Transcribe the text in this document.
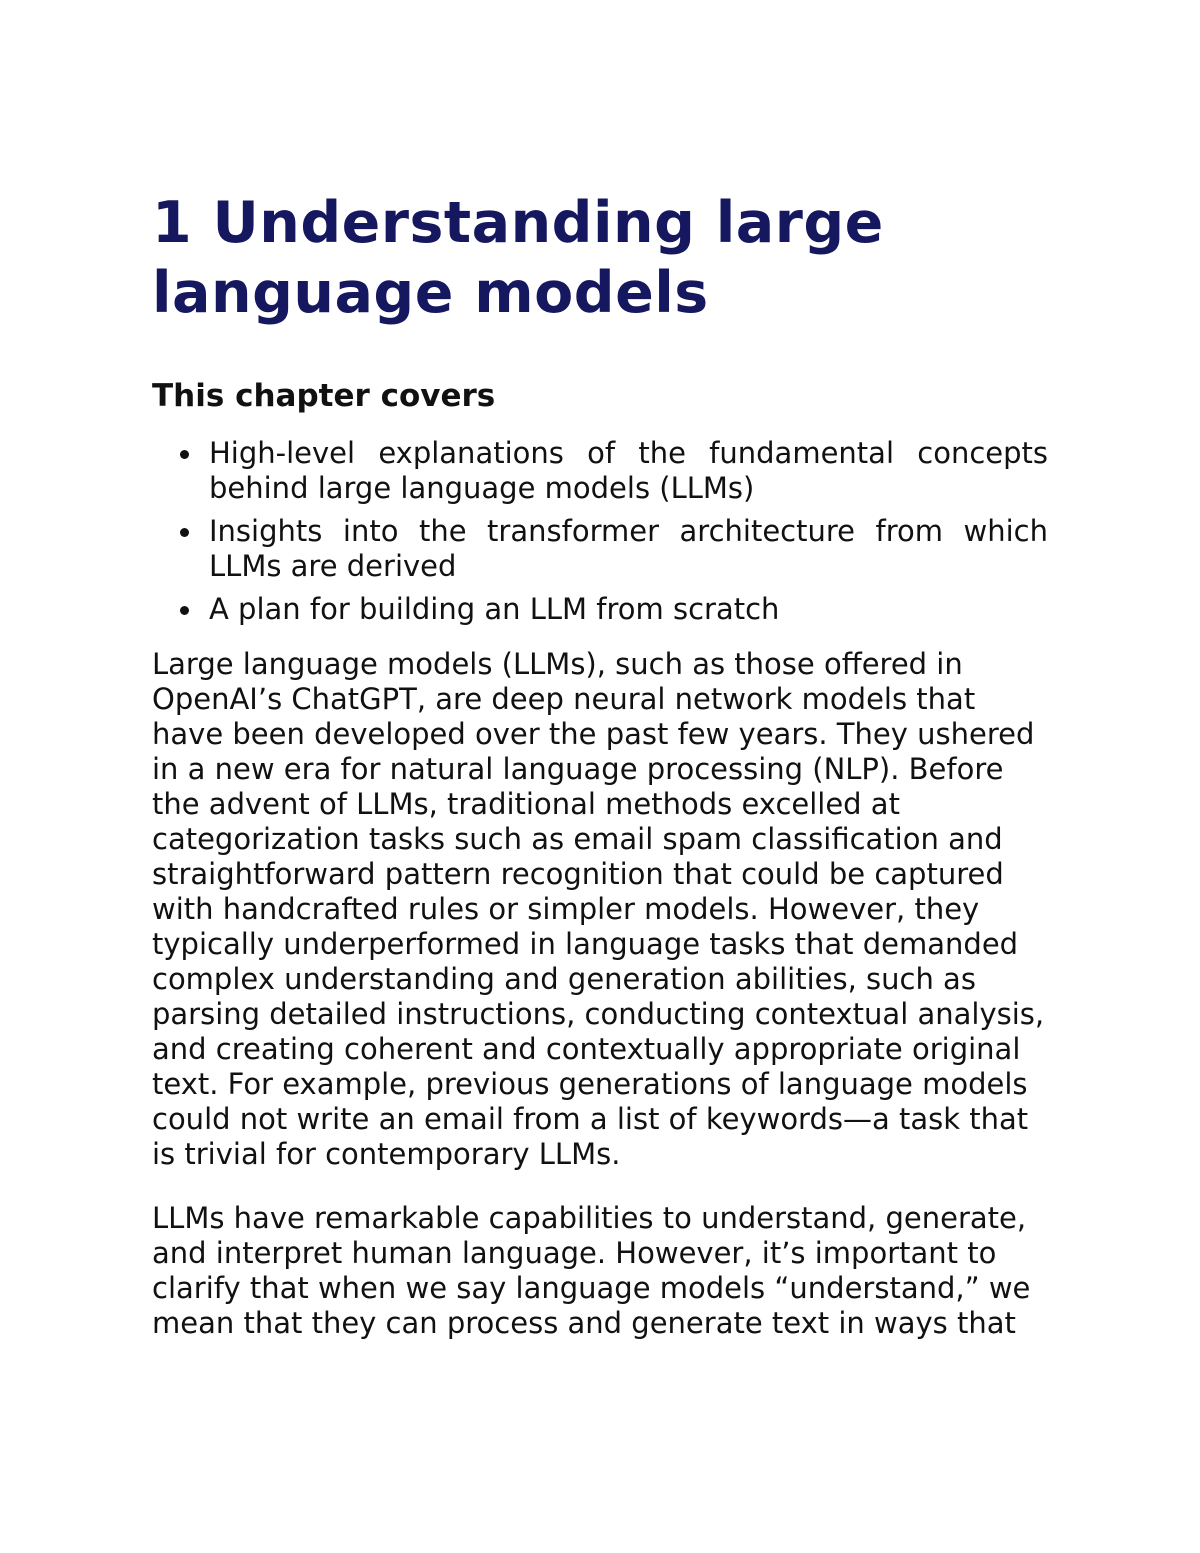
1 Understanding large
language models
This chapter covers
High-level explanations of the fundamental concepts behind large language models (LLMs)
Insights into the transformer architecture from which LLMs are derived
A plan for building an LLM from scratch

Large language models (LLMs), such as those offered in OpenAI’s ChatGPT, are deep neural network models that have been developed over the past few years. They ushered in a new era for natural language processing (NLP). Before the advent of LLMs, traditional methods excelled at categorization tasks such as email spam classification and straightforward pattern recognition that could be captured with handcrafted rules or simpler models. However, they typically underperformed in language tasks that demanded complex understanding and generation abilities, such as parsing detailed instructions, conducting contextual analysis, and creating coherent and contextually appropriate original text. For example, previous generations of language models could not write an email from a list of keywords—a task that is trivial for contemporary LLMs.

LLMs have remarkable capabilities to understand, generate, and interpret human language. However, it’s important to clarify that when we say language models “understand,” we mean that they can process and generate text in ways that
